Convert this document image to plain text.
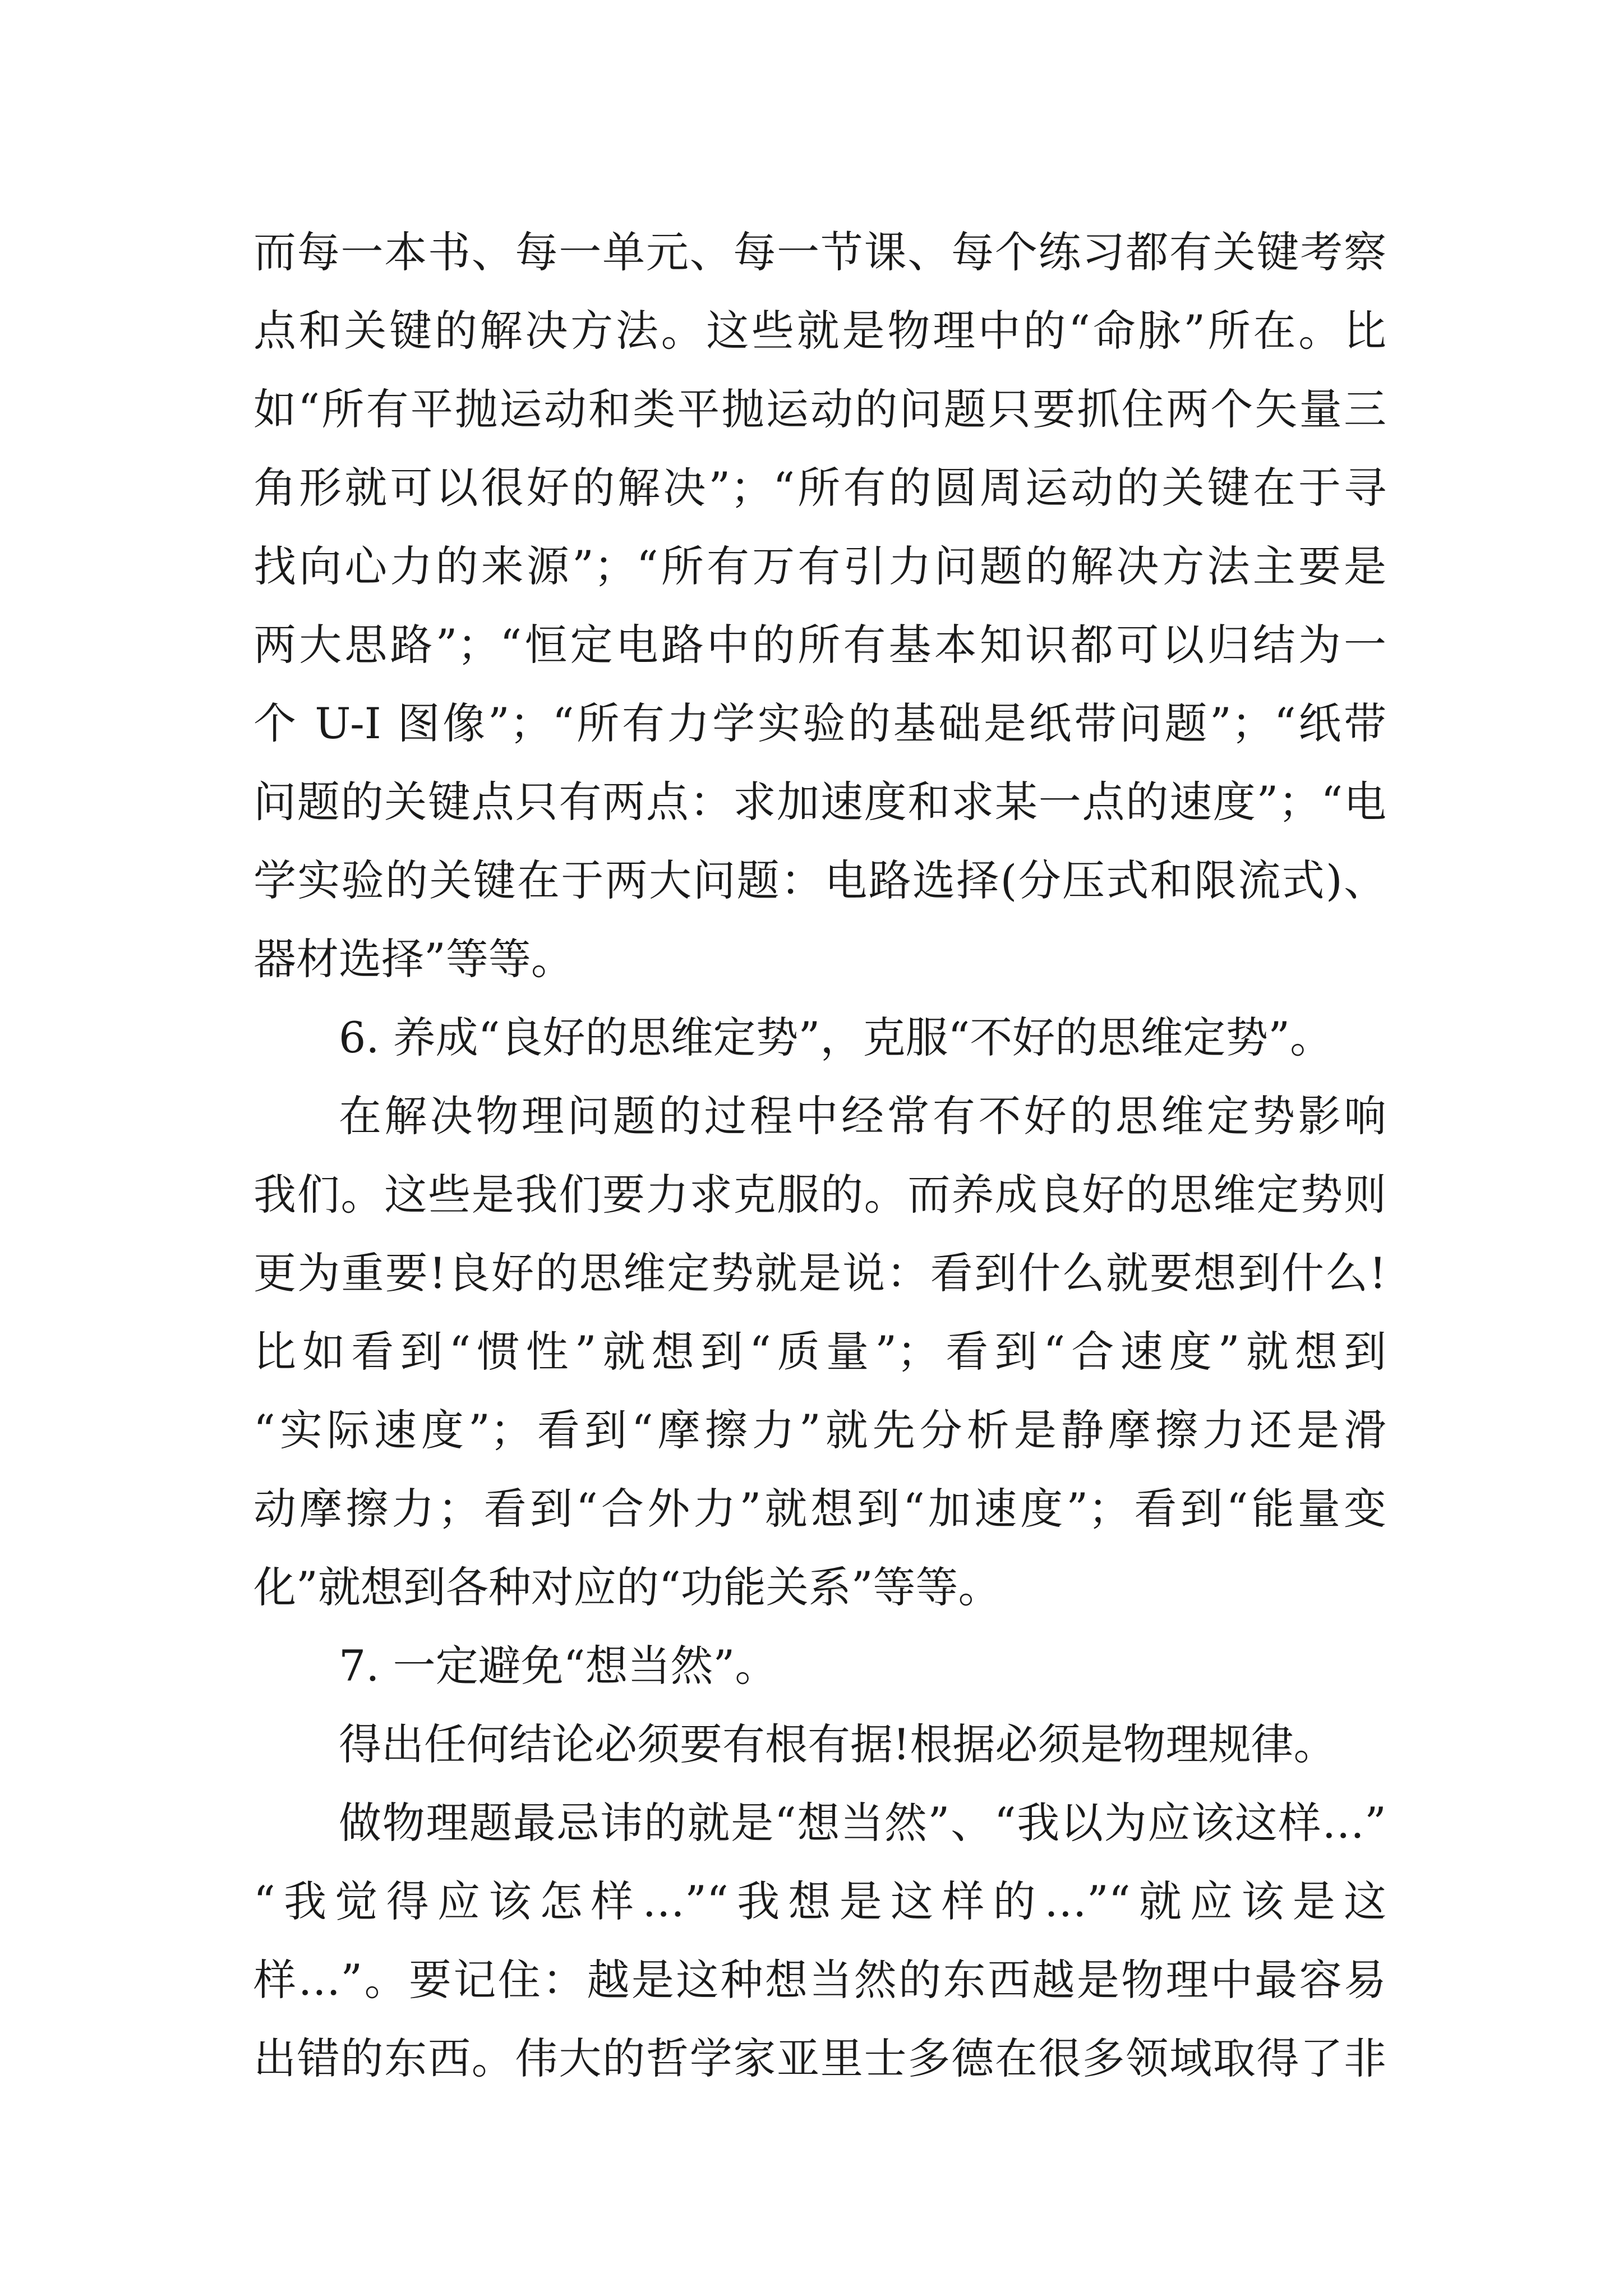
而每一本书、每一单元、每一节课、每个练习都有关键考察
点和关键的解决方法。这些就是物理中的“命脉”所在。比
如“所有平抛运动和类平抛运动的问题只要抓住两个矢量三
角形就可以很好的解决”；“所有的圆周运动的关键在于寻
找向心力的来源”；“所有万有引力问题的解决方法主要是
两大思路”；“恒定电路中的所有基本知识都可以归结为一
个 U-I 图像”；“所有力学实验的基础是纸带问题”；“纸带
问题的关键点只有两点：求加速度和求某一点的速度”；“电
学实验的关键在于两大问题：电路选择(分压式和限流式)、
器材选择”等等。
6. 养成“良好的思维定势”，克服“不好的思维定势”。
在解决物理问题的过程中经常有不好的思维定势影响
我们。这些是我们要力求克服的。而养成良好的思维定势则
更为重要!良好的思维定势就是说：看到什么就要想到什么!
比如看到“惯性”就想到“质量”；看到“合速度”就想到
“实际速度”；看到“摩擦力”就先分析是静摩擦力还是滑
动摩擦力；看到“合外力”就想到“加速度”；看到“能量变
化”就想到各种对应的“功能关系”等等。
7. 一定避免“想当然”。
得出任何结论必须要有根有据!根据必须是物理规律。
做物理题最忌讳的就是“想当然”、“我以为应该这样…”
“我觉得应该怎样…”“我想是这样的…”“就应该是这
样…”。要记住：越是这种想当然的东西越是物理中最容易
出错的东西。伟大的哲学家亚里士多德在很多领域取得了非
